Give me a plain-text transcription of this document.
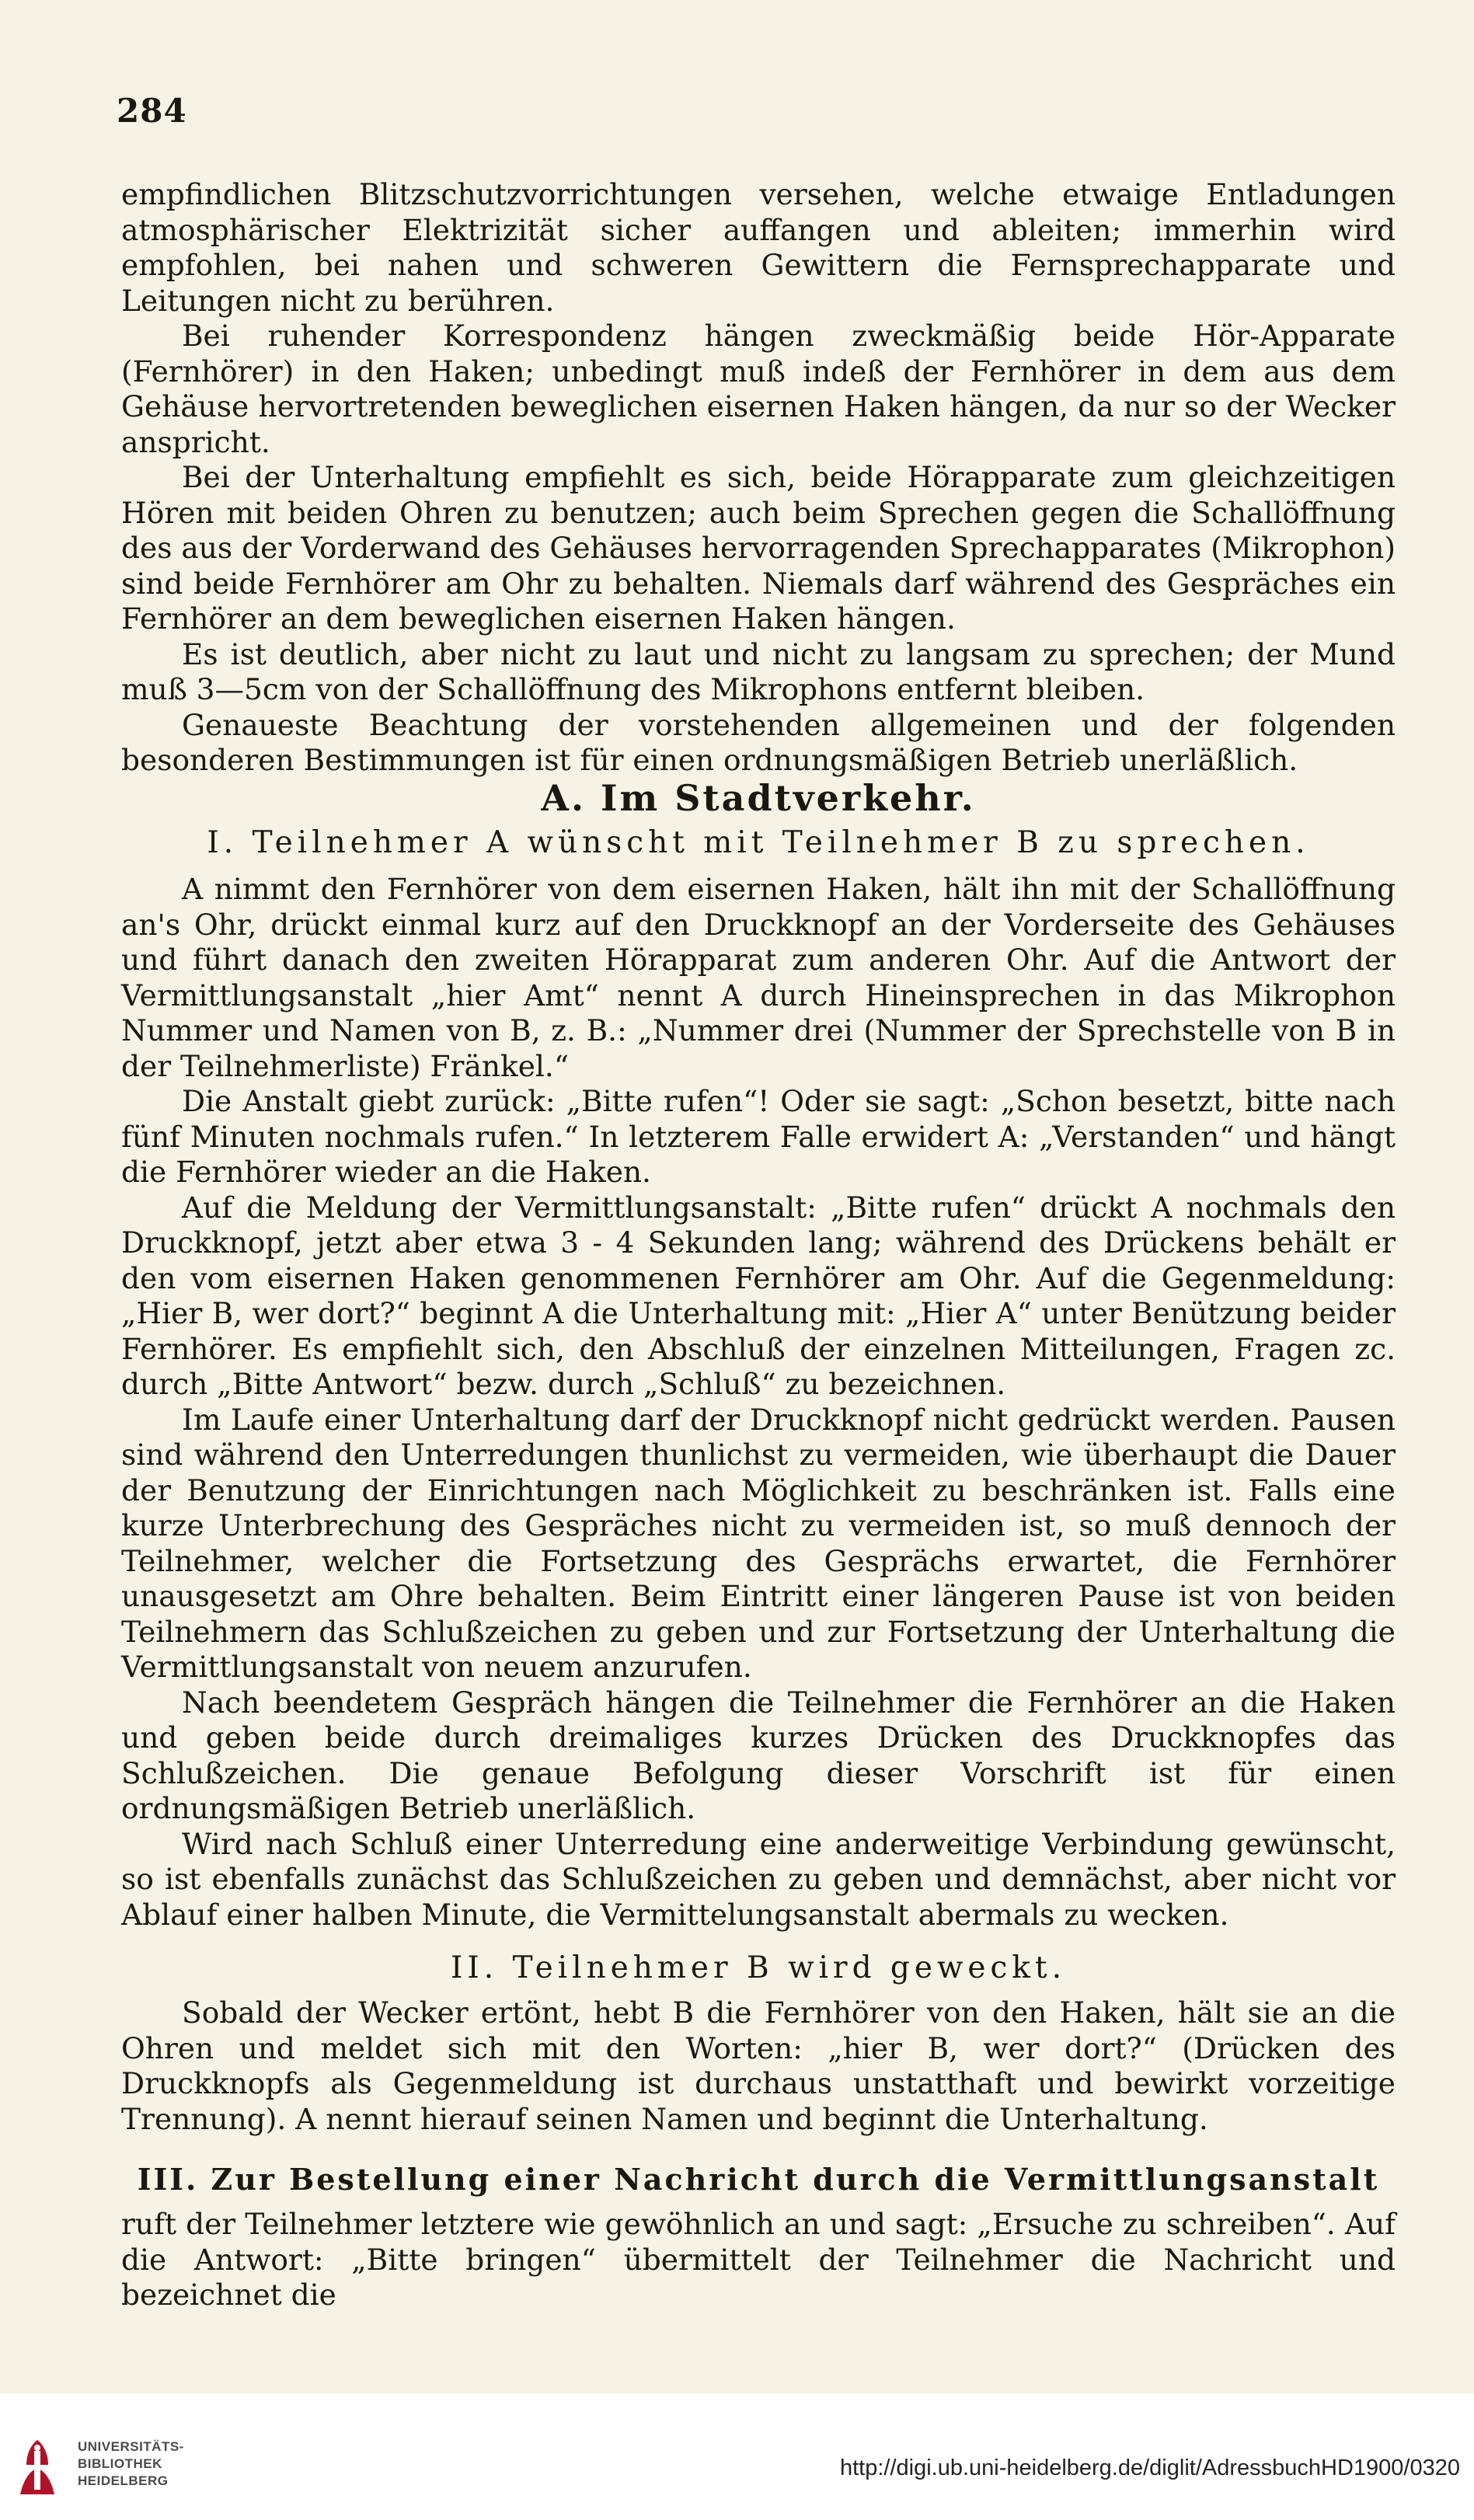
284

empfindlichen Blitzschutzvorrichtungen versehen, welche etwaige Entladungen atmosphärischer Elektrizität sicher auffangen und ableiten; immerhin wird empfohlen, bei nahen und schweren Gewittern die Fernsprechapparate und Leitungen nicht zu berühren.

Bei ruhender Korrespondenz hängen zweckmäßig beide Hör-Apparate (Fernhörer) in den Haken; unbedingt muß indeß der Fernhörer in dem aus dem Gehäuse hervortretenden beweglichen eisernen Haken hängen, da nur so der Wecker anspricht.

Bei der Unterhaltung empfiehlt es sich, beide Hörapparate zum gleichzeitigen Hören mit beiden Ohren zu benutzen; auch beim Sprechen gegen die Schallöffnung des aus der Vorderwand des Gehäuses hervorragenden Sprechapparates (Mikrophon) sind beide Fernhörer am Ohr zu behalten. Niemals darf während des Gespräches ein Fernhörer an dem beweglichen eisernen Haken hängen.

Es ist deutlich, aber nicht zu laut und nicht zu langsam zu sprechen; der Mund muß 3—5cm von der Schallöffnung des Mikrophons entfernt bleiben.

Genaueste Beachtung der vorstehenden allgemeinen und der folgenden besonderen Bestimmungen ist für einen ordnungsmäßigen Betrieb unerläßlich.

A. Im Stadtverkehr.
I. Teilnehmer A wünscht mit Teilnehmer B zu sprechen.

A nimmt den Fernhörer von dem eisernen Haken, hält ihn mit der Schallöffnung an's Ohr, drückt einmal kurz auf den Druckknopf an der Vorderseite des Gehäuses und führt danach den zweiten Hörapparat zum anderen Ohr. Auf die Antwort der Vermittlungsanstalt „hier Amt“ nennt A durch Hineinsprechen in das Mikrophon Nummer und Namen von B, z. B.: „Nummer drei (Nummer der Sprechstelle von B in der Teilnehmerliste) Fränkel.“

Die Anstalt giebt zurück: „Bitte rufen“! Oder sie sagt: „Schon besetzt, bitte nach fünf Minuten nochmals rufen.“ In letzterem Falle erwidert A: „Verstanden“ und hängt die Fernhörer wieder an die Haken.

Auf die Meldung der Vermittlungsanstalt: „Bitte rufen“ drückt A nochmals den Druckknopf, jetzt aber etwa 3 - 4 Sekunden lang; während des Drückens behält er den vom eisernen Haken genommenen Fernhörer am Ohr. Auf die Gegenmeldung: „Hier B, wer dort?“ beginnt A die Unterhaltung mit: „Hier A“ unter Benützung beider Fernhörer. Es empfiehlt sich, den Abschluß der einzelnen Mitteilungen, Fragen zc. durch „Bitte Antwort“ bezw. durch „Schluß“ zu bezeichnen.

Im Laufe einer Unterhaltung darf der Druckknopf nicht gedrückt werden. Pausen sind während den Unterredungen thunlichst zu vermeiden, wie überhaupt die Dauer der Benutzung der Einrichtungen nach Möglichkeit zu beschränken ist. Falls eine kurze Unterbrechung des Gespräches nicht zu vermeiden ist, so muß dennoch der Teilnehmer, welcher die Fortsetzung des Gesprächs erwartet, die Fernhörer unausgesetzt am Ohre behalten. Beim Eintritt einer längeren Pause ist von beiden Teilnehmern das Schlußzeichen zu geben und zur Fortsetzung der Unterhaltung die Vermittlungsanstalt von neuem anzurufen.

Nach beendetem Gespräch hängen die Teilnehmer die Fernhörer an die Haken und geben beide durch dreimaliges kurzes Drücken des Druckknopfes das Schlußzeichen. Die genaue Befolgung dieser Vorschrift ist für einen ordnungsmäßigen Betrieb unerläßlich.

Wird nach Schluß einer Unterredung eine anderweitige Verbindung gewünscht, so ist ebenfalls zunächst das Schlußzeichen zu geben und demnächst, aber nicht vor Ablauf einer halben Minute, die Vermittelungsanstalt abermals zu wecken.

II. Teilnehmer B wird geweckt.

Sobald der Wecker ertönt, hebt B die Fernhörer von den Haken, hält sie an die Ohren und meldet sich mit den Worten: „hier B, wer dort?“ (Drücken des Druckknopfs als Gegenmeldung ist durchaus unstatthaft und bewirkt vorzeitige Trennung). A nennt hierauf seinen Namen und beginnt die Unterhaltung.

III. Zur Bestellung einer Nachricht durch die Vermittlungsanstalt

ruft der Teilnehmer letztere wie gewöhnlich an und sagt: „Ersuche zu schreiben“. Auf die Antwort: „Bitte bringen“ übermittelt der Teilnehmer die Nachricht und bezeichnet die

UNIVERSITÄTS-
BIBLIOTHEK
HEIDELBERG
http://digi.ub.uni-heidelberg.de/diglit/AdressbuchHD1900/0320
